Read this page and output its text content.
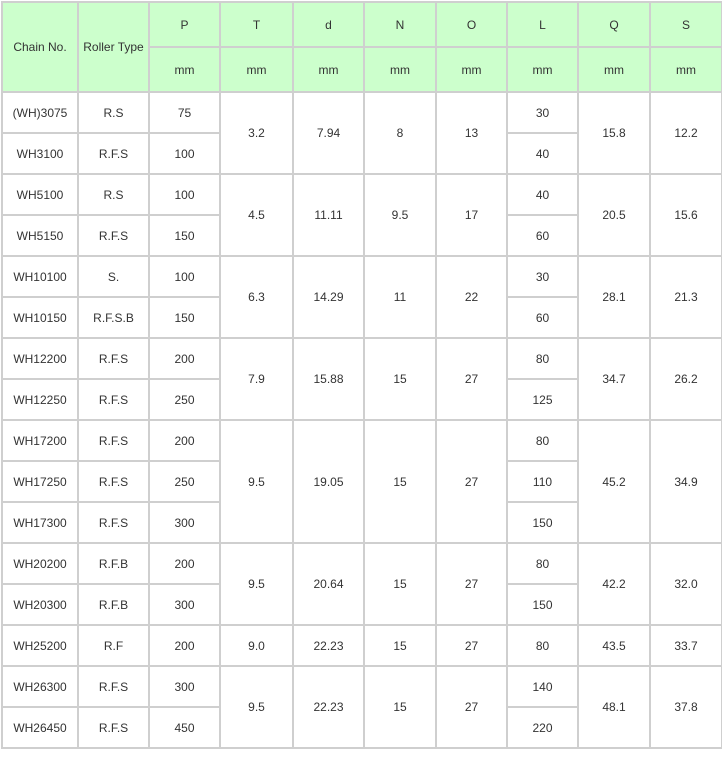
Chain No.	Roller Type	P	T	d	N	O	L	Q	S
		mm	mm	mm	mm	mm	mm	mm	mm
(WH)3075	R.S	75	3.2	7.94	8	13	30	15.8	12.2
WH3100	R.F.S	100					40		
WH5100	R.S	100	4.5	11.11	9.5	17	40	20.5	15.6
WH5150	R.F.S	150					60		
WH10100	S.	100	6.3	14.29	11	22	30	28.1	21.3
WH10150	R.F.S.B	150					60		
WH12200	R.F.S	200	7.9	15.88	15	27	80	34.7	26.2
WH12250	R.F.S	250					125		
WH17200	R.F.S	200	9.5	19.05	15	27	80	45.2	34.9
WH17250	R.F.S	250					110		
WH17300	R.F.S	300					150		
WH20200	R.F.B	200	9.5	20.64	15	27	80	42.2	32.0
WH20300	R.F.B	300					150		
WH25200	R.F	200	9.0	22.23	15	27	80	43.5	33.7
WH26300	R.F.S	300	9.5	22.23	15	27	140	48.1	37.8
WH26450	R.F.S	450					220		
